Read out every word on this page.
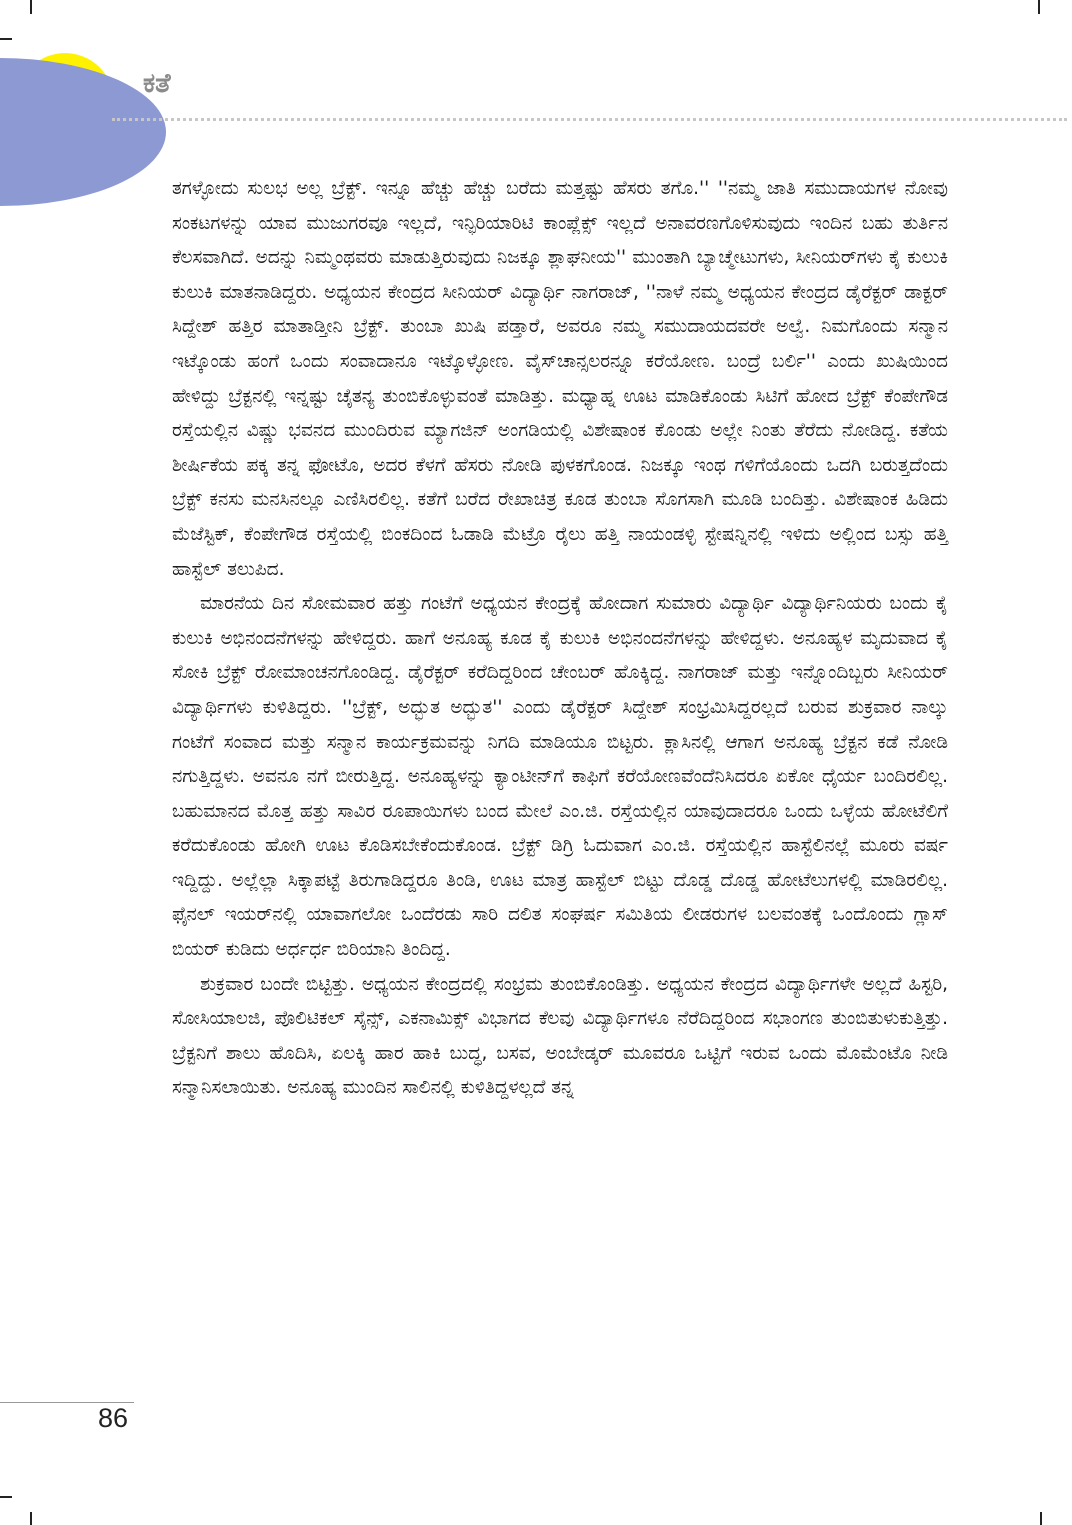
ಕತೆ

ತಗಳ್ಳೋದು ಸುಲಭ ಅಲ್ಲ ಬ್ರೆಕ್ಟ್. ಇನ್ನೂ ಹೆಚ್ಚು ಹೆಚ್ಚು ಬರೆದು ಮತ್ತಷ್ಟು ಹೆಸರು ತಗೊ.'' ''ನಮ್ಮ ಜಾತಿ ಸಮುದಾಯಗಳ ನೋವು ಸಂಕಟಗಳನ್ನು ಯಾವ ಮುಜುಗರವೂ ಇಲ್ಲದೆ, ಇನ್ಫಿರಿಯಾರಿಟಿ ಕಾಂಪ್ಲೆಕ್ಸ್ ಇಲ್ಲದೆ ಅನಾವರಣಗೊಳಿಸುವುದು ಇಂದಿನ ಬಹು ತುರ್ತಿನ ಕೆಲಸವಾಗಿದೆ. ಅದನ್ನು ನಿಮ್ಮಂಥವರು ಮಾಡುತ್ತಿರುವುದು ನಿಜಕ್ಕೂ ಶ್ಲಾಘನೀಯ'' ಮುಂತಾಗಿ ಬ್ಯಾಚ್ಮೇಟುಗಳು, ಸೀನಿಯರ್‌ಗಳು ಕೈ ಕುಲುಕಿ ಕುಲುಕಿ ಮಾತನಾಡಿದ್ದರು. ಅಧ್ಯಯನ ಕೇಂದ್ರದ ಸೀನಿಯರ್ ವಿದ್ಯಾರ್ಥಿ ನಾಗರಾಜ್, ''ನಾಳೆ ನಮ್ಮ ಅಧ್ಯಯನ ಕೇಂದ್ರದ ಡೈರೆಕ್ಟರ್ ಡಾಕ್ಟರ್ ಸಿದ್ದೇಶ್ ಹತ್ತಿರ ಮಾತಾಡ್ತೀನಿ ಬ್ರೆಕ್ಟ್. ತುಂಬಾ ಖುಷಿ ಪಡ್ತಾರೆ, ಅವರೂ ನಮ್ಮ ಸಮುದಾಯದವರೇ ಅಲ್ವೆ. ನಿಮಗೊಂದು ಸನ್ಮಾನ ಇಟ್ಕೊಂಡು ಹಂಗೆ ಒಂದು ಸಂವಾದಾನೂ ಇಟ್ಕೊಳ್ಳೋಣ. ವೈಸ್‌ಚಾನ್ಸಲರನ್ನೂ ಕರೆಯೋಣ. ಬಂದ್ರೆ ಬರ್ಲಿ'' ಎಂದು ಖುಷಿಯಿಂದ ಹೇಳಿದ್ದು ಬ್ರೆಕ್ಟನಲ್ಲಿ ಇನ್ನಷ್ಟು ಚೈತನ್ಯ ತುಂಬಿಕೊಳ್ಳುವಂತೆ ಮಾಡಿತ್ತು. ಮಧ್ಯಾಹ್ನ ಊಟ ಮಾಡಿಕೊಂಡು ಸಿಟಿಗೆ ಹೋದ ಬ್ರೆಕ್ಟ್ ಕೆಂಪೇಗೌಡ ರಸ್ತೆಯಲ್ಲಿನ ವಿಷ್ಣು ಭವನದ ಮುಂದಿರುವ ಮ್ಯಾಗಜಿನ್ ಅಂಗಡಿಯಲ್ಲಿ ವಿಶೇಷಾಂಕ ಕೊಂಡು ಅಲ್ಲೇ ನಿಂತು ತೆರೆದು ನೋಡಿದ್ದ. ಕತೆಯ ಶೀರ್ಷಿಕೆಯ ಪಕ್ಕ ತನ್ನ ಫೋಟೊ, ಅದರ ಕೆಳಗೆ ಹೆಸರು ನೋಡಿ ಪುಳಕಗೊಂಡ. ನಿಜಕ್ಕೂ ಇಂಥ ಗಳಿಗೆಯೊಂದು ಒದಗಿ ಬರುತ್ತದೆಂದು ಬ್ರೆಕ್ಟ್ ಕನಸು ಮನಸಿನಲ್ಲೂ ಎಣಿಸಿರಲಿಲ್ಲ. ಕತೆಗೆ ಬರೆದ ರೇಖಾಚಿತ್ರ ಕೂಡ ತುಂಬಾ ಸೊಗಸಾಗಿ ಮೂಡಿ ಬಂದಿತ್ತು. ವಿಶೇಷಾಂಕ ಹಿಡಿದು ಮೆಜೆಸ್ಟಿಕ್, ಕೆಂಪೇಗೌಡ ರಸ್ತೆಯಲ್ಲಿ ಬಿಂಕದಿಂದ ಓಡಾಡಿ ಮೆಟ್ರೊ ರೈಲು ಹತ್ತಿ ನಾಯಂಡಳ್ಳಿ ಸ್ಟೇಷನ್ನಿನಲ್ಲಿ ಇಳಿದು ಅಲ್ಲಿಂದ ಬಸ್ಸು ಹತ್ತಿ ಹಾಸ್ಟೆಲ್ ತಲುಪಿದ.

ಮಾರನೆಯ ದಿನ ಸೋಮವಾರ ಹತ್ತು ಗಂಟೆಗೆ ಅಧ್ಯಯನ ಕೇಂದ್ರಕ್ಕೆ ಹೋದಾಗ ಸುಮಾರು ವಿದ್ಯಾರ್ಥಿ ವಿದ್ಯಾರ್ಥಿನಿಯರು ಬಂದು ಕೈ ಕುಲುಕಿ ಅಭಿನಂದನೆಗಳನ್ನು ಹೇಳಿದ್ದರು. ಹಾಗೆ ಅನೂಹ್ಯ ಕೂಡ ಕೈ ಕುಲುಕಿ ಅಭಿನಂದನೆಗಳನ್ನು ಹೇಳಿದ್ದಳು. ಅನೂಹ್ಯಳ ಮೃದುವಾದ ಕೈ ಸೋಕಿ ಬ್ರೆಕ್ಟ್ ರೋಮಾಂಚನಗೊಂಡಿದ್ದ. ಡೈರೆಕ್ಟರ್ ಕರೆದಿದ್ದರಿಂದ ಚೇಂಬರ್ ಹೊಕ್ಕಿದ್ದ. ನಾಗರಾಜ್ ಮತ್ತು ಇನ್ನೊಂದಿಬ್ಬರು ಸೀನಿಯರ್ ವಿದ್ಯಾರ್ಥಿಗಳು ಕುಳಿತಿದ್ದರು. ''ಬ್ರೆಕ್ಟ್, ಅದ್ಭುತ ಅದ್ಭುತ'' ಎಂದು ಡೈರೆಕ್ಟರ್ ಸಿದ್ದೇಶ್ ಸಂಭ್ರಮಿಸಿದ್ದರಲ್ಲದೆ ಬರುವ ಶುಕ್ರವಾರ ನಾಲ್ಕು ಗಂಟೆಗೆ ಸಂವಾದ ಮತ್ತು ಸನ್ಮಾನ ಕಾರ್ಯಕ್ರಮವನ್ನು ನಿಗದಿ ಮಾಡಿಯೂ ಬಿಟ್ಟರು. ಕ್ಲಾಸಿನಲ್ಲಿ ಆಗಾಗ ಅನೂಹ್ಯ ಬ್ರೆಕ್ಟನ ಕಡೆ ನೋಡಿ ನಗುತ್ತಿದ್ದಳು. ಅವನೂ ನಗೆ ಬೀರುತ್ತಿದ್ದ. ಅನೂಹ್ಯಳನ್ನು ಕ್ಯಾಂಟೀನ್‌ಗೆ ಕಾಫಿಗೆ ಕರೆಯೋಣವೆಂದೆನಿಸಿದರೂ ಏಕೋ ಧೈರ್ಯ ಬಂದಿರಲಿಲ್ಲ. ಬಹುಮಾನದ ಮೊತ್ತ ಹತ್ತು ಸಾವಿರ ರೂಪಾಯಿಗಳು ಬಂದ ಮೇಲೆ ಎಂ.ಜಿ. ರಸ್ತೆಯಲ್ಲಿನ ಯಾವುದಾದರೂ ಒಂದು ಒಳ್ಳೆಯ ಹೋಟೆಲಿಗೆ ಕರೆದುಕೊಂಡು ಹೋಗಿ ಊಟ ಕೊಡಿಸಬೇಕೆಂದುಕೊಂಡ. ಬ್ರೆಕ್ಟ್ ಡಿಗ್ರಿ ಓದುವಾಗ ಎಂ.ಜಿ. ರಸ್ತೆಯಲ್ಲಿನ ಹಾಸ್ಟೆಲಿನಲ್ಲೆ ಮೂರು ವರ್ಷ ಇದ್ದಿದ್ದು. ಅಲ್ಲೆಲ್ಲಾ ಸಿಕ್ಕಾಪಟ್ಟೆ ತಿರುಗಾಡಿದ್ದರೂ ತಿಂಡಿ, ಊಟ ಮಾತ್ರ ಹಾಸ್ಟೆಲ್ ಬಿಟ್ಟು ದೊಡ್ಡ ದೊಡ್ಡ ಹೋಟೆಲುಗಳಲ್ಲಿ ಮಾಡಿರಲಿಲ್ಲ. ಫೈನಲ್ ಇಯರ್‌ನಲ್ಲಿ ಯಾವಾಗಲೋ ಒಂದೆರಡು ಸಾರಿ ದಲಿತ ಸಂಘರ್ಷ ಸಮಿತಿಯ ಲೀಡರುಗಳ ಬಲವಂತಕ್ಕೆ ಒಂದೊಂದು ಗ್ಲಾಸ್ ಬಿಯರ್ ಕುಡಿದು ಅರ್ಧರ್ಧ ಬಿರಿಯಾನಿ ತಿಂದಿದ್ದ.

ಶುಕ್ರವಾರ ಬಂದೇ ಬಿಟ್ಟಿತ್ತು. ಅಧ್ಯಯನ ಕೇಂದ್ರದಲ್ಲಿ ಸಂಭ್ರಮ ತುಂಬಿಕೊಂಡಿತ್ತು. ಅಧ್ಯಯನ ಕೇಂದ್ರದ ವಿದ್ಯಾರ್ಥಿಗಳೇ ಅಲ್ಲದೆ ಹಿಸ್ಟರಿ, ಸೋಸಿಯಾಲಜಿ, ಪೊಲಿಟಿಕಲ್ ಸೈನ್ಸ್, ಎಕನಾಮಿಕ್ಸ್ ವಿಭಾಗದ ಕೆಲವು ವಿದ್ಯಾರ್ಥಿಗಳೂ ನೆರೆದಿದ್ದರಿಂದ ಸಭಾಂಗಣ ತುಂಬಿತುಳುಕುತ್ತಿತ್ತು. ಬ್ರೆಕ್ಟನಿಗೆ ಶಾಲು ಹೊದಿಸಿ, ಏಲಕ್ಕಿ ಹಾರ ಹಾಕಿ ಬುದ್ಧ, ಬಸವ, ಅಂಬೇಡ್ಕರ್ ಮೂವರೂ ಒಟ್ಟಿಗೆ ಇರುವ ಒಂದು ಮೊಮೆಂಟೊ ನೀಡಿ ಸನ್ಮಾನಿಸಲಾಯಿತು. ಅನೂಹ್ಯ ಮುಂದಿನ ಸಾಲಿನಲ್ಲಿ ಕುಳಿತಿದ್ದಳಲ್ಲದೆ ತನ್ನ

86
